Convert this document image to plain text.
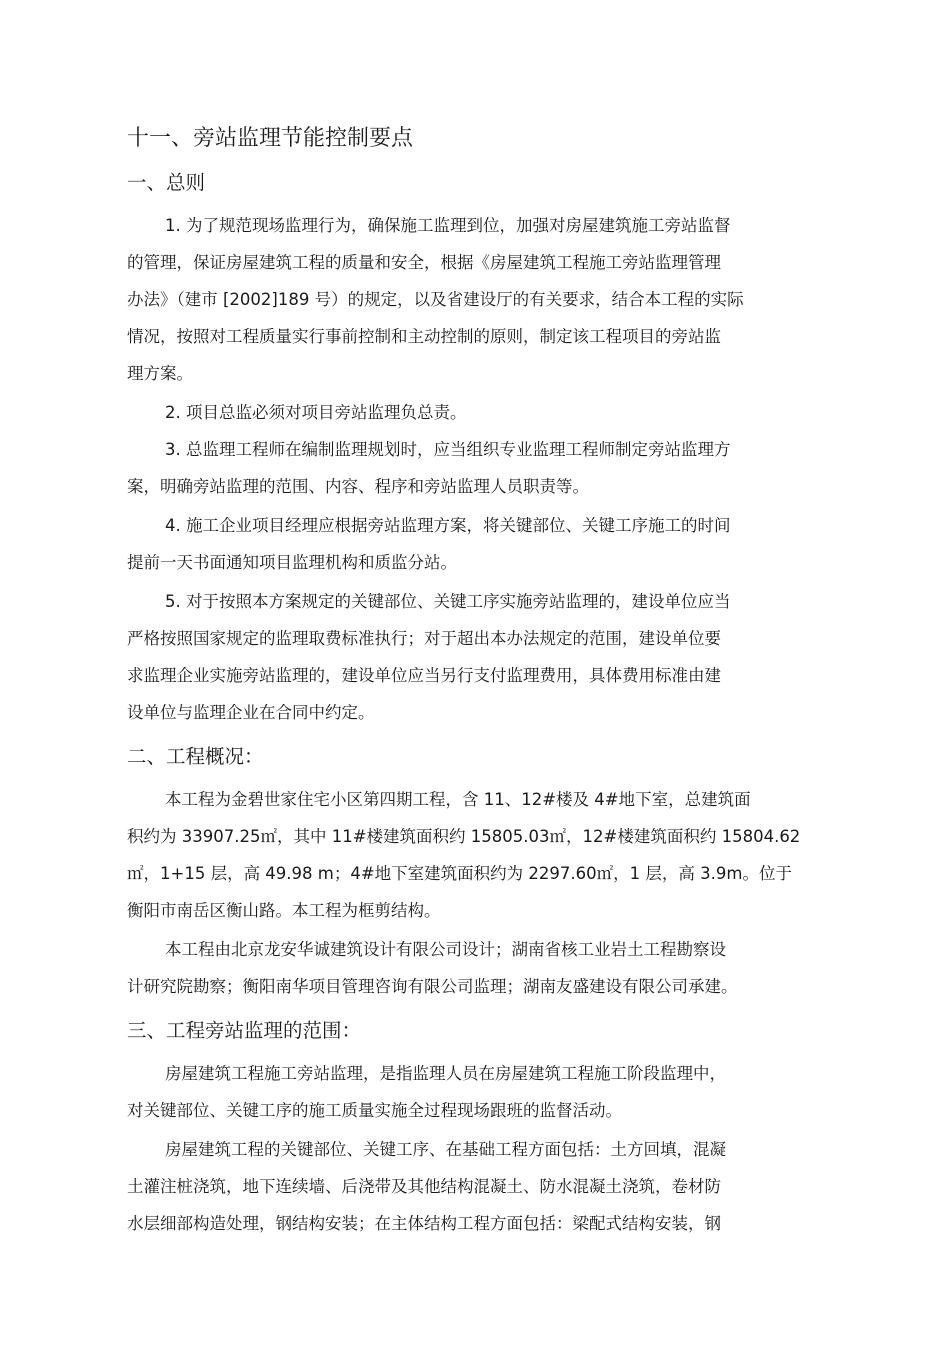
十一、旁站监理节能控制要点
一、总则
1. 为了规范现场监理行为，确保施工监理到位，加强对房屋建筑施工旁站监督
的管理，保证房屋建筑工程的质量和安全，根据《房屋建筑工程施工旁站监理管理
办法》（建市 [2002]189 号）的规定，以及省建设厅的有关要求，结合本工程的实际
情况，按照对工程质量实行事前控制和主动控制的原则，制定该工程项目的旁站监
理方案。
2. 项目总监必须对项目旁站监理负总责。
3. 总监理工程师在编制监理规划时，应当组织专业监理工程师制定旁站监理方
案，明确旁站监理的范围、内容、程序和旁站监理人员职责等。
4. 施工企业项目经理应根据旁站监理方案，将关键部位、关键工序施工的时间
提前一天书面通知项目监理机构和质监分站。
5. 对于按照本方案规定的关键部位、关键工序实施旁站监理的，建设单位应当
严格按照国家规定的监理取费标准执行；对于超出本办法规定的范围，建设单位要
求监理企业实施旁站监理的，建设单位应当另行支付监理费用，具体费用标准由建
设单位与监理企业在合同中约定。
二、工程概况：
本工程为金碧世家住宅小区第四期工程，含 11、12#楼及 4#地下室，总建筑面
积约为 33907.25㎡，其中 11#楼建筑面积约 15805.03㎡，12#楼建筑面积约 15804.62
㎡，1+15 层，高 49.98 m；4#地下室建筑面积约为 2297.60㎡，1 层，高 3.9m。位于
衡阳市南岳区衡山路。本工程为框剪结构。
本工程由北京龙安华诚建筑设计有限公司设计；湖南省核工业岩土工程勘察设
计研究院勘察；衡阳南华项目管理咨询有限公司监理；湖南友盛建设有限公司承建。
三、工程旁站监理的范围：
房屋建筑工程施工旁站监理，是指监理人员在房屋建筑工程施工阶段监理中，
对关键部位、关键工序的施工质量实施全过程现场跟班的监督活动。
房屋建筑工程的关键部位、关键工序、在基础工程方面包括：土方回填，混凝
土灌注桩浇筑，地下连续墙、后浇带及其他结构混凝土、防水混凝土浇筑，卷材防
水层细部构造处理，钢结构安装；在主体结构工程方面包括：梁配式结构安装，钢
